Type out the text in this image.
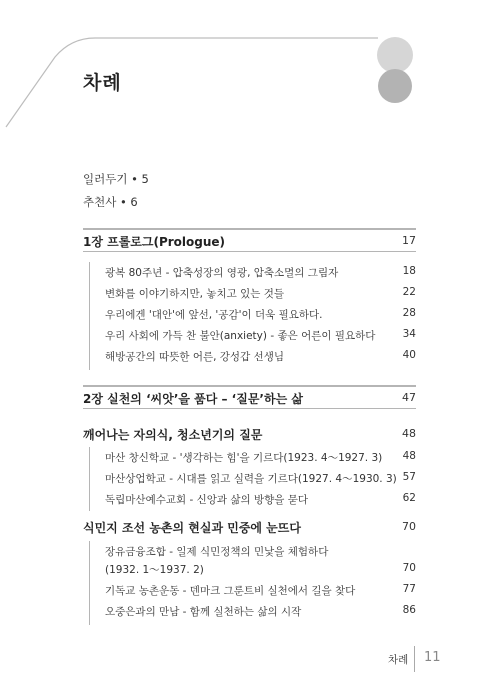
차례
일러두기 • 5
추천사 • 6
1장 프롤로그(Prologue)	17
광복 80주년 - 압축성장의 영광, 압축소멸의 그림자	18
변화를 이야기하지만, 놓치고 있는 것들	22
우리에겐 '대안'에 앞선, '공감'이 더욱 필요하다.	28
우리 사회에 가득 찬 불안(anxiety) - 좋은 어른이 필요하다	34
해방공간의 따뜻한 어른, 강성갑 선생님	40
2장 실천의 ‘씨앗’을 품다 – ‘질문’하는 삶	47
깨어나는 자의식, 청소년기의 질문	48
마산 창신학교 - '생각하는 힘'을 기르다(1923. 4～1927. 3) 48
마산상업학교 - 시대를 읽고 실력을 기르다(1927. 4～1930. 3) 57
독립마산예수교회 - 신앙과 삶의 방향을 묻다	62
식민지 조선 농촌의 현실과 민중에 눈뜨다	70
장유금융조합 - 일제 식민정책의 민낯을 체험하다
(1932. 1～1937. 2)	70
기독교 농촌운동 - 덴마크 그룬트비 실천에서 길을 찾다	77
오중은과의 만남 - 함께 실천하는 삶의 시작	86
차례 11
